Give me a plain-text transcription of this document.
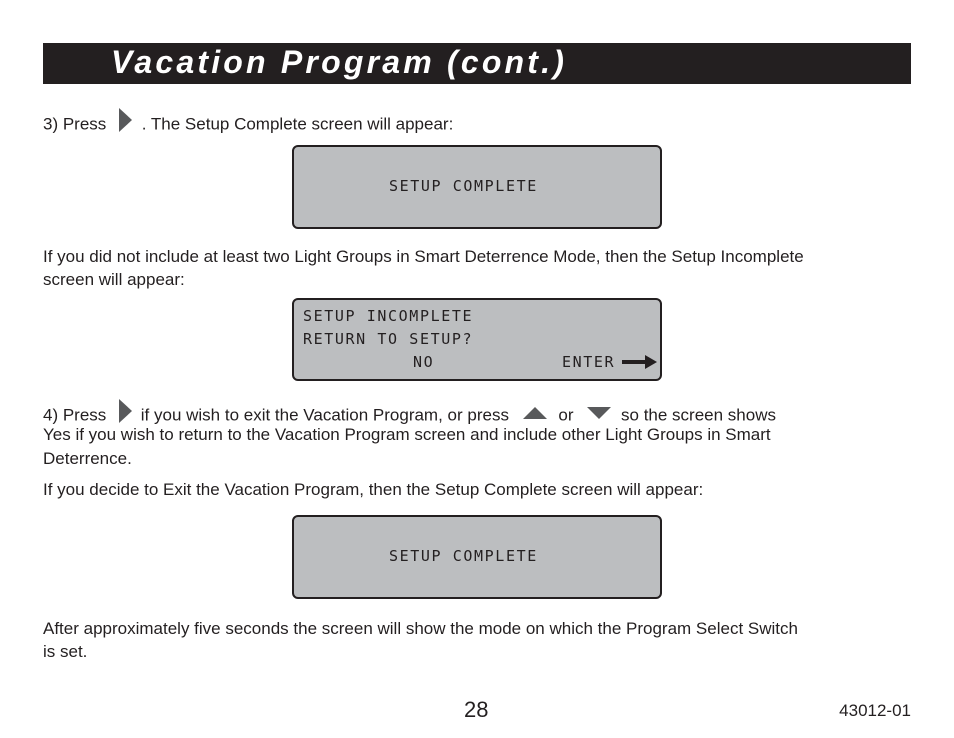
Vacation Program (cont.)
3) Press . The Setup Complete screen will appear:
SETUP COMPLETE
If you did not include at least two Light Groups in Smart Deterrence Mode, then the Setup Incomplete
screen will appear:
SETUP INCOMPLETE
RETURN TO SETUP?
NO	ENTER
4) Press if you wish to exit the Vacation Program, or press	or	so the screen shows
Yes if you wish to return to the Vacation Program screen and include other Light Groups in Smart
Deterrence.
If you decide to Exit the Vacation Program, then the Setup Complete screen will appear:
SETUP COMPLETE
After approximately five seconds the screen will show the mode on which the Program Select Switch
is set.
28	43012-01
